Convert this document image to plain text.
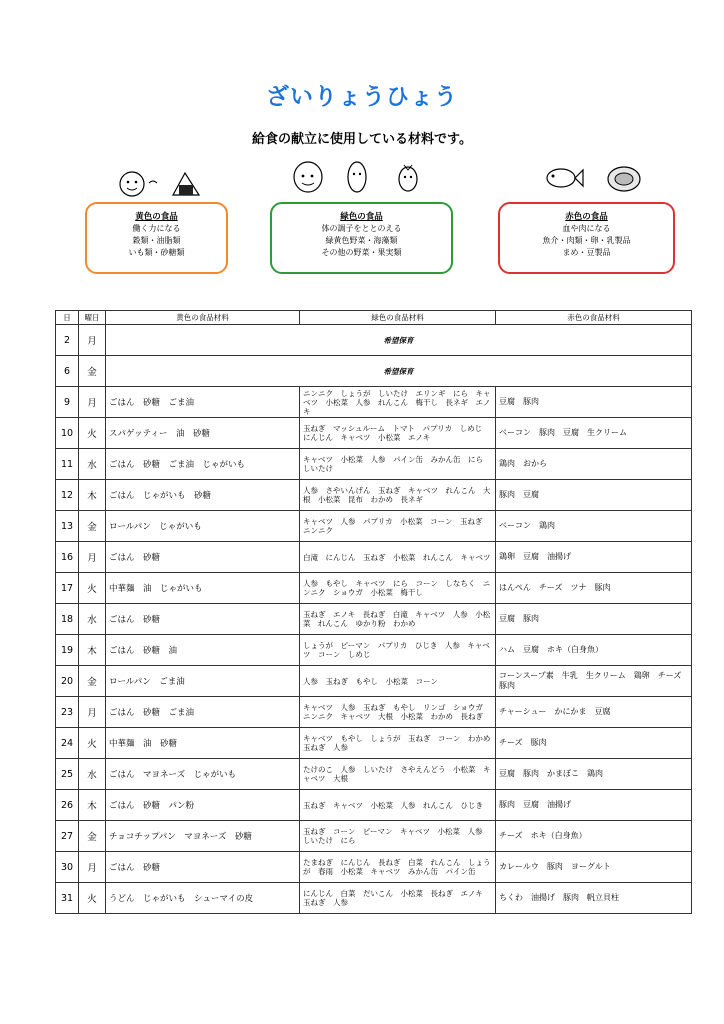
ざいりょうひょう
給食の献立に使用している材料です。
黄色の食品
働く力になる
穀類・油脂類
いも類・砂糖類
緑色の食品
体の調子をととのえる
緑黄色野菜・海藻類
その他の野菜・果実類
赤色の食品
血や肉になる
魚介・肉類・卵・乳製品
まめ・豆製品
日	曜日	黄色の食品材料	緑色の食品材料	赤色の食品材料
2	月	希望保育		
6	金	希望保育		
9	月	ごはん　砂糖　ごま油	ニンニク　しょうが　しいたけ　エリンギ　にら　キャベツ　小松菜　人参　れんこん　梅干し　長ネギ　エノキ	豆腐　豚肉
10	火	スパゲッティー　油　砂糖	玉ねぎ　マッシュルーム　トマト　パプリカ　しめじ　にんじん　キャベツ　小松菜　エノキ	ベーコン　豚肉　豆腐　生クリーム
11	水	ごはん　砂糖　ごま油　じゃがいも	キャベツ　小松菜　人参　パイン缶　みかん缶　にら　しいたけ	鶏肉　おから
12	木	ごはん　じゃがいも　砂糖	人参　さやいんげん　玉ねぎ　キャベツ　れんこん　大根　小松菜　昆布　わかめ　長ネギ	豚肉　豆腐
13	金	ロールパン　じゃがいも	キャベツ　人参　パプリカ　小松菜　コーン　玉ねぎ　ニンニク	ベーコン　鶏肉
16	月	ごはん　砂糖	白滝　にんじん　玉ねぎ　小松菜　れんこん　キャベツ	鶏卵　豆腐　油揚げ
17	火	中華麺　油　じゃがいも	人参　もやし　キャベツ　にら　コーン　しなちく　ニンニク　ショウガ　小松菜　梅干し	はんぺん　チーズ　ツナ　豚肉
18	水	ごはん　砂糖	玉ねぎ　エノキ　長ねぎ　白滝　キャベツ　人参　小松菜　れんこん　ゆかり粉　わかめ	豆腐　豚肉
19	木	ごはん　砂糖　油	しょうが　ピーマン　パプリカ　ひじき　人参　キャベツ　コーン　しめじ	ハム　豆腐　ホキ（白身魚）
20	金	ロールパン　ごま油	人参　玉ねぎ　もやし　小松菜　コーン	コーンスープ素　牛乳　生クリーム　鶏卵　チーズ　豚肉
23	月	ごはん　砂糖　ごま油	キャベツ　人参　玉ねぎ　もやし　リンゴ　ショウガ　ニンニク　キャベツ　大根　小松菜　わかめ　長ねぎ	チャーシュー　かにかま　豆腐
24	火	中華麺　油　砂糖	キャベツ　もやし　しょうが　玉ねぎ　コーン　わかめ　玉ねぎ　人参	チーズ　豚肉
25	水	ごはん　マヨネーズ　じゃがいも	たけのこ　人参　しいたけ　さやえんどう　小松菜　キャベツ　大根	豆腐　豚肉　かまぼこ　鶏肉
26	木	ごはん　砂糖　パン粉	玉ねぎ　キャベツ　小松菜　人参　れんこん　ひじき	豚肉　豆腐　油揚げ
27	金	チョコチップパン　マヨネーズ　砂糖	玉ねぎ　コーン　ピーマン　キャベツ　小松菜　人参　しいたけ　にら	チーズ　ホキ（白身魚）
30	月	ごはん　砂糖	たまねぎ　にんじん　長ねぎ　白菜　れんこん　しょうが　春雨　小松菜　キャベツ　みかん缶　パイン缶	カレールウ　豚肉　ヨーグルト
31	火	うどん　じゃがいも　シューマイの皮	にんじん　白菜　だいこん　小松菜　長ねぎ　エノキ　玉ねぎ　人参	ちくわ　油揚げ　豚肉　帆立貝柱
